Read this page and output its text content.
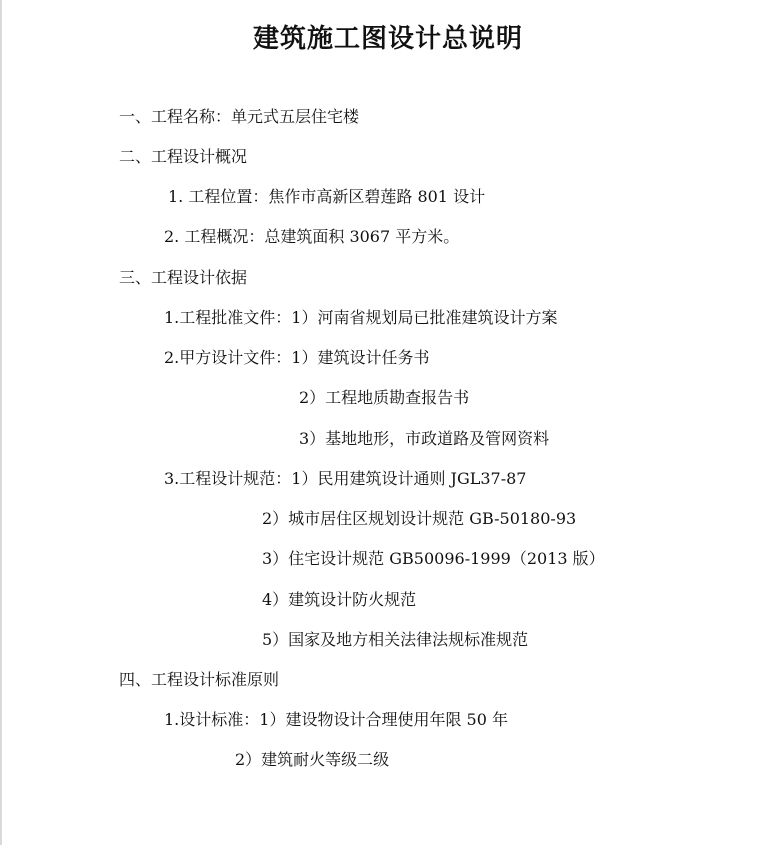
建筑施工图设计总说明
一、工程名称：单元式五层住宅楼
二、工程设计概况
1. 工程位置：焦作市高新区碧莲路 801 设计
2. 工程概况：总建筑面积 3067 平方米。
三、工程设计依据
1.工程批准文件：1）河南省规划局已批准建筑设计方案
2.甲方设计文件：1）建筑设计任务书
2）工程地质勘查报告书
3）基地地形，市政道路及管网资料
3.工程设计规范：1）民用建筑设计通则 JGL37-87
2）城市居住区规划设计规范 GB-50180-93
3）住宅设计规范 GB50096-1999（2013 版）
4）建筑设计防火规范
5）国家及地方相关法律法规标准规范
四、工程设计标准原则
1.设计标准：1）建设物设计合理使用年限 50 年
2）建筑耐火等级二级
